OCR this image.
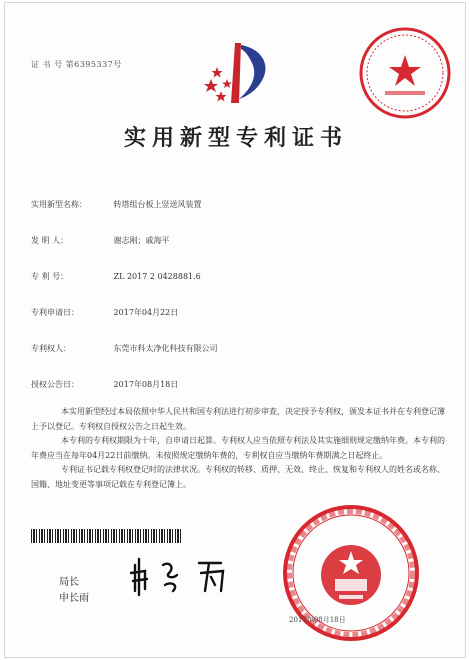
证 书 号 第6395337号
实用新型专利证书
实用新型名称：	转塔组台板上竖送风装置
发 明 人：	谢志刚；戚海平
专 利 号：	ZL 2017 2 0428881.6
专利申请日：	2017年04月22日
专利权人：	东莞市科太净化科技有限公司
授权公告日：	2017年08月18日

本实用新型经过本局依照中华人民共和国专利法进行初步审查，决定授予专利权，颁发本证书并在专利登记簿上予以登记。专利权自授权公告之日起生效。

本专利的专利权期限为十年，自申请日起算。专利权人应当依照专利法及其实施细则规定缴纳年费。本专利的年费应当在每年04月22日前缴纳。未按照规定缴纳年费的，专利权自应当缴纳年费期满之日起终止。

专利证书记载专利权登记时的法律状况。专利权的转移、质押、无效、终止、恢复和专利权人的姓名或名称、国籍、地址变更等事项记载在专利登记簿上。

局长
申长雨
2017年08月18日
